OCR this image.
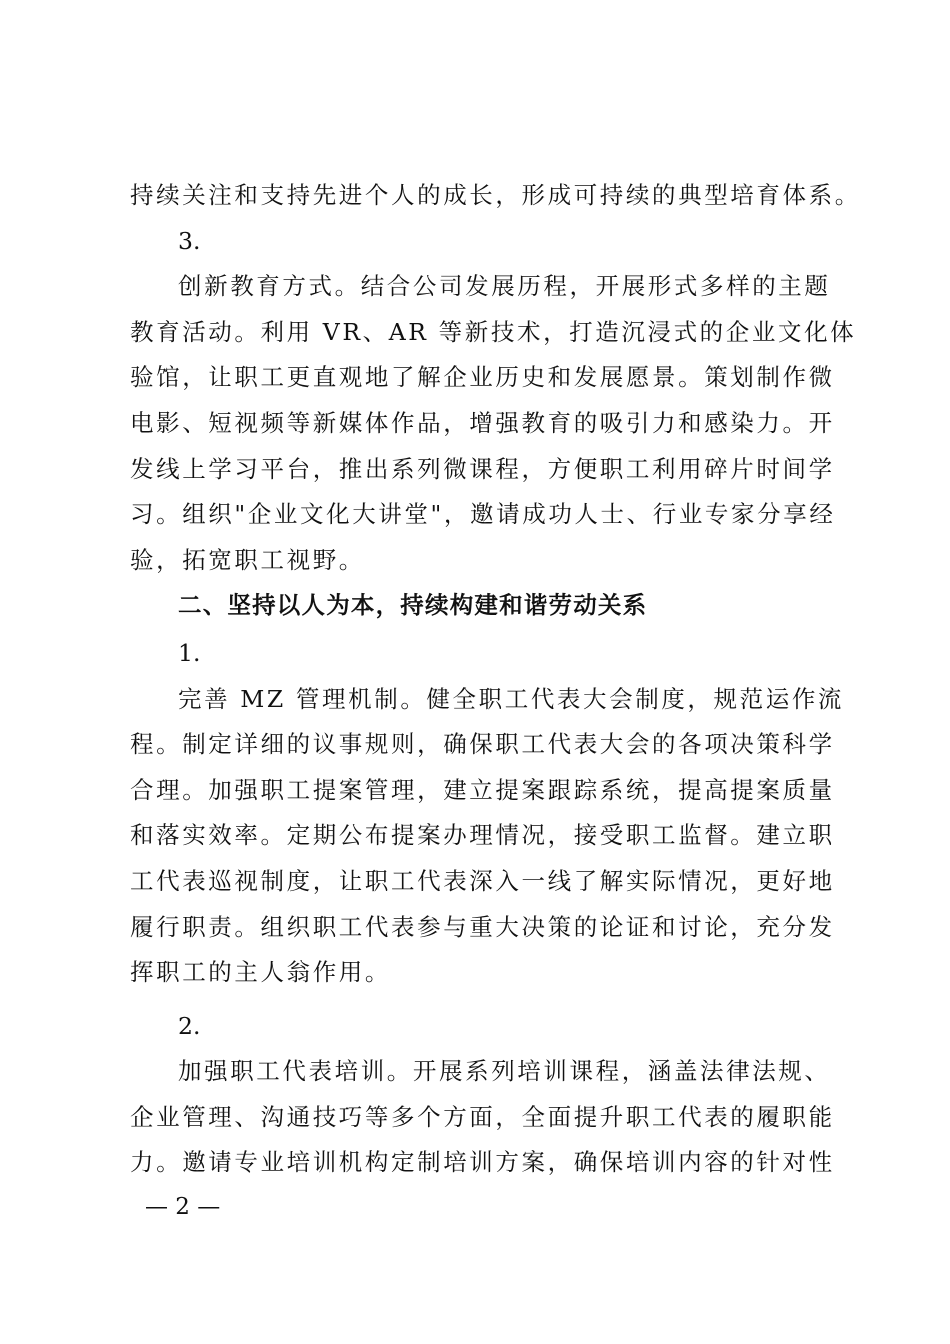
持续关注和支持先进个人的成长，形成可持续的典型培育体系。
3.
创新教育方式。结合公司发展历程，开展形式多样的主题
教育活动。利用 VR、AR 等新技术，打造沉浸式的企业文化体
验馆，让职工更直观地了解企业历史和发展愿景。策划制作微
电影、短视频等新媒体作品，增强教育的吸引力和感染力。开
发线上学习平台，推出系列微课程，方便职工利用碎片时间学
习。组织"企业文化大讲堂"，邀请成功人士、行业专家分享经
验，拓宽职工视野。
二、坚持以人为本，持续构建和谐劳动关系
1.
完善 MZ 管理机制。健全职工代表大会制度，规范运作流
程。制定详细的议事规则，确保职工代表大会的各项决策科学
合理。加强职工提案管理，建立提案跟踪系统，提高提案质量
和落实效率。定期公布提案办理情况，接受职工监督。建立职
工代表巡视制度，让职工代表深入一线了解实际情况，更好地
履行职责。组织职工代表参与重大决策的论证和讨论，充分发
挥职工的主人翁作用。
2.
加强职工代表培训。开展系列培训课程，涵盖法律法规、
企业管理、沟通技巧等多个方面，全面提升职工代表的履职能
力。邀请专业培训机构定制培训方案，确保培训内容的针对性
— 2 —
